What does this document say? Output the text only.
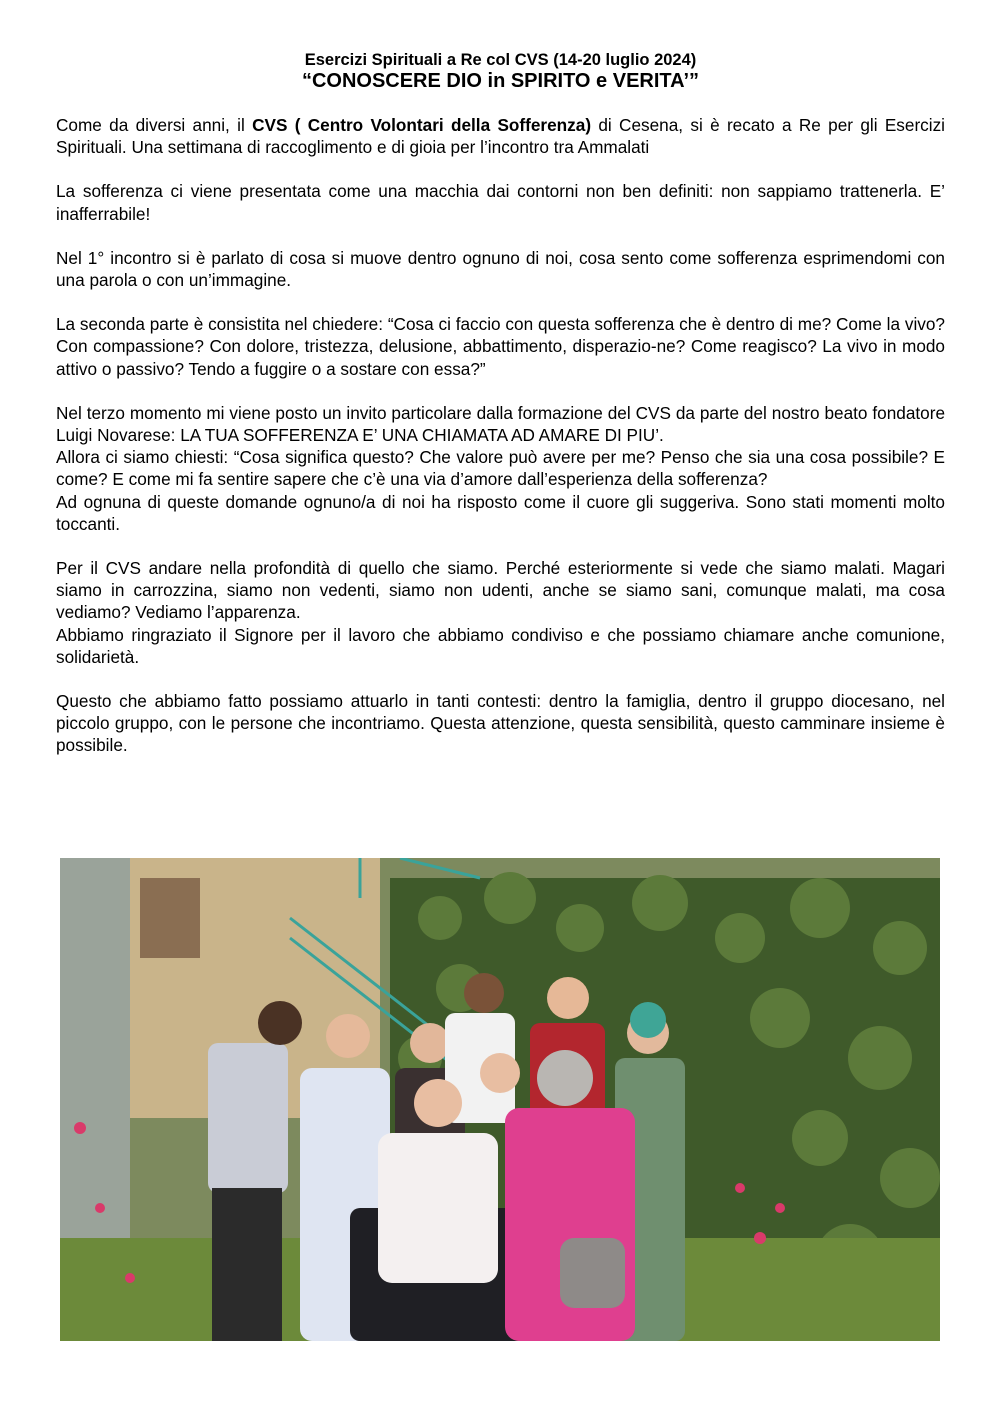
Esercizi Spirituali a Re col CVS (14-20 luglio 2024)

“CONOSCERE DIO in SPIRITO e VERITA’”

Come da diversi anni, il CVS ( Centro Volontari della Sofferenza) di Cesena, si è recato a Re per gli Esercizi Spirituali. Una settimana di raccoglimento e di gioia per l’incontro tra Ammalati

La sofferenza ci viene presentata come una macchia dai contorni non ben definiti: non sappiamo trattenerla. E’ inafferrabile!

Nel 1° incontro si è parlato di cosa si muove dentro ognuno di noi, cosa sento come sofferenza esprimendomi con una parola o con un’immagine.

La seconda parte è consistita nel chiedere: “Cosa ci faccio con questa sofferenza che è dentro di me? Come la vivo? Con compassione? Con dolore, tristezza, delusione, abbattimento, disperazio-ne? Come reagisco? La vivo in modo attivo o passivo? Tendo a fuggire o a sostare con essa?”

Nel terzo momento mi viene posto un invito particolare dalla formazione del CVS da parte del nostro beato fondatore Luigi Novarese: LA TUA SOFFERENZA E’ UNA CHIAMATA AD AMARE DI PIU’.

Allora ci siamo chiesti: “Cosa significa questo? Che valore può avere per me? Penso che sia una cosa possibile? E come? E come mi fa sentire sapere che c’è una via d’amore dall’esperienza della sofferenza?

Ad ognuna di queste domande ognuno/a di noi ha risposto come il cuore gli suggeriva. Sono stati momenti molto toccanti.

Per il CVS andare nella profondità di quello che siamo. Perché esteriormente si vede che siamo malati. Magari siamo in carrozzina, siamo non vedenti, siamo non udenti, anche se siamo sani, comunque malati, ma cosa vediamo? Vediamo l’apparenza.

Abbiamo ringraziato il Signore per il lavoro che abbiamo condiviso e che possiamo chiamare anche comunione, solidarietà.

Questo che abbiamo fatto possiamo attuarlo in tanti contesti: dentro la famiglia, dentro il gruppo diocesano, nel piccolo gruppo, con le persone che incontriamo. Questa attenzione, questa sensibilità, questo camminare insieme è possibile.
